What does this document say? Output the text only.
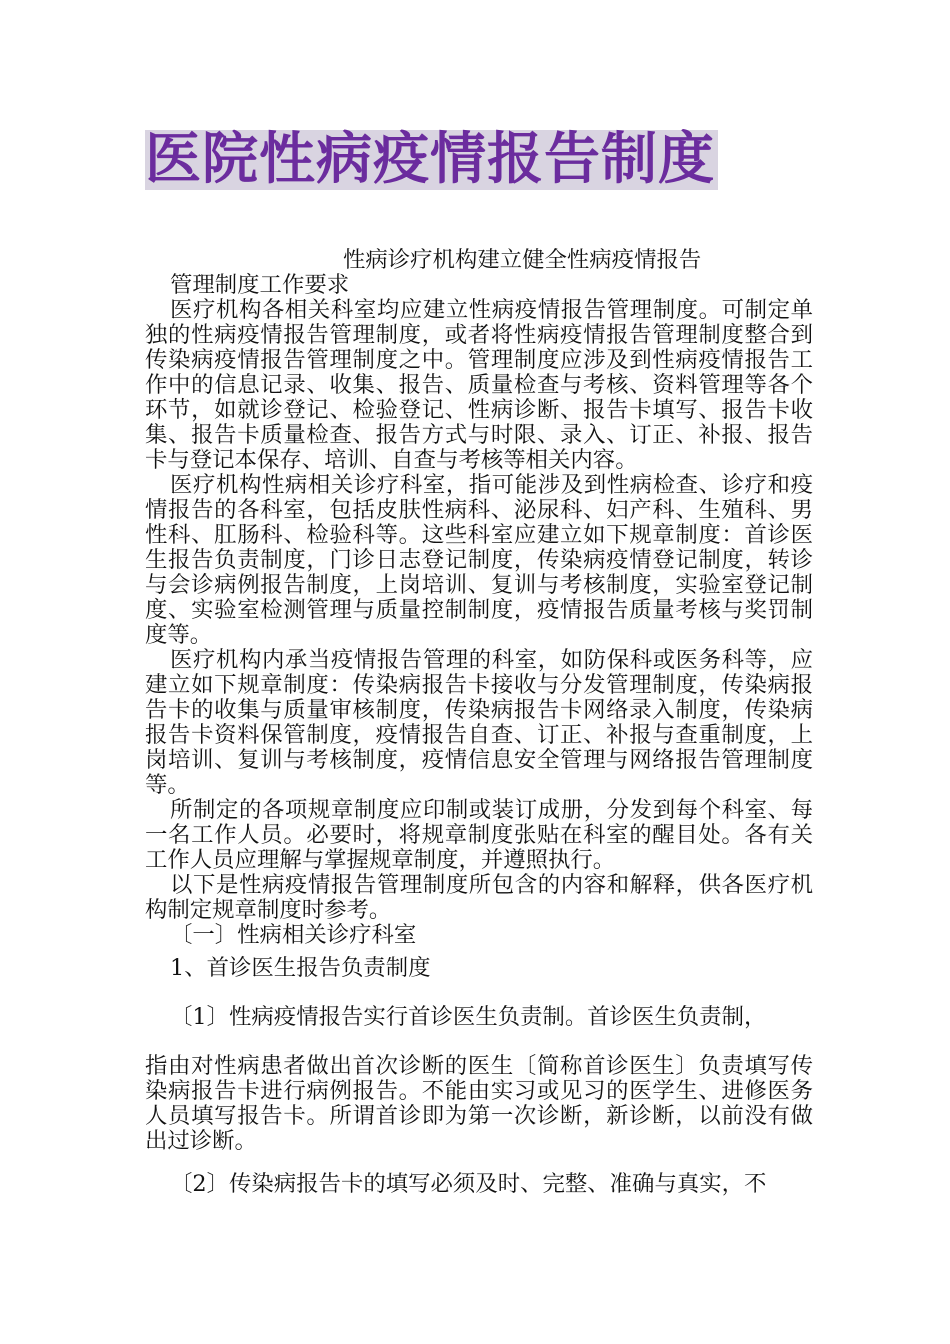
医院性病疫情报告制度

性病诊疗机构建立健全性病疫情报告

管理制度工作要求

医疗机构各相关科室均应建立性病疫情报告管理制度。可制定单独的性病疫情报告管理制度，或者将性病疫情报告管理制度整合到传染病疫情报告管理制度之中。管理制度应涉及到性病疫情报告工作中的信息记录、收集、报告、质量检查与考核、资料管理等各个环节，如就诊登记、检验登记、性病诊断、报告卡填写、报告卡收集、报告卡质量检查、报告方式与时限、录入、订正、补报、报告卡与登记本保存、培训、自查与考核等相关内容。

医疗机构性病相关诊疗科室，指可能涉及到性病检查、诊疗和疫情报告的各科室，包括皮肤性病科、泌尿科、妇产科、生殖科、男性科、肛肠科、检验科等。这些科室应建立如下规章制度：首诊医生报告负责制度，门诊日志登记制度，传染病疫情登记制度，转诊与会诊病例报告制度，上岗培训、复训与考核制度，实验室登记制度、实验室检测管理与质量控制制度，疫情报告质量考核与奖罚制度等。

医疗机构内承当疫情报告管理的科室，如防保科或医务科等，应建立如下规章制度：传染病报告卡接收与分发管理制度，传染病报告卡的收集与质量审核制度，传染病报告卡网络录入制度，传染病报告卡资料保管制度，疫情报告自查、订正、补报与查重制度，上岗培训、复训与考核制度，疫情信息安全管理与网络报告管理制度等。

所制定的各项规章制度应印制或装订成册，分发到每个科室、每一名工作人员。必要时，将规章制度张贴在科室的醒目处。各有关工作人员应理解与掌握规章制度，并遵照执行。

以下是性病疫情报告管理制度所包含的内容和解释，供各医疗机构制定规章制度时参考。

〔一〕性病相关诊疗科室

1、首诊医生报告负责制度

〔1〕性病疫情报告实行首诊医生负责制。首诊医生负责制，

指由对性病患者做出首次诊断的医生〔简称首诊医生〕负责填写传染病报告卡进行病例报告。不能由实习或见习的医学生、进修医务人员填写报告卡。所谓首诊即为第一次诊断，新诊断，以前没有做出过诊断。

〔2〕传染病报告卡的填写必须及时、完整、准确与真实，不
